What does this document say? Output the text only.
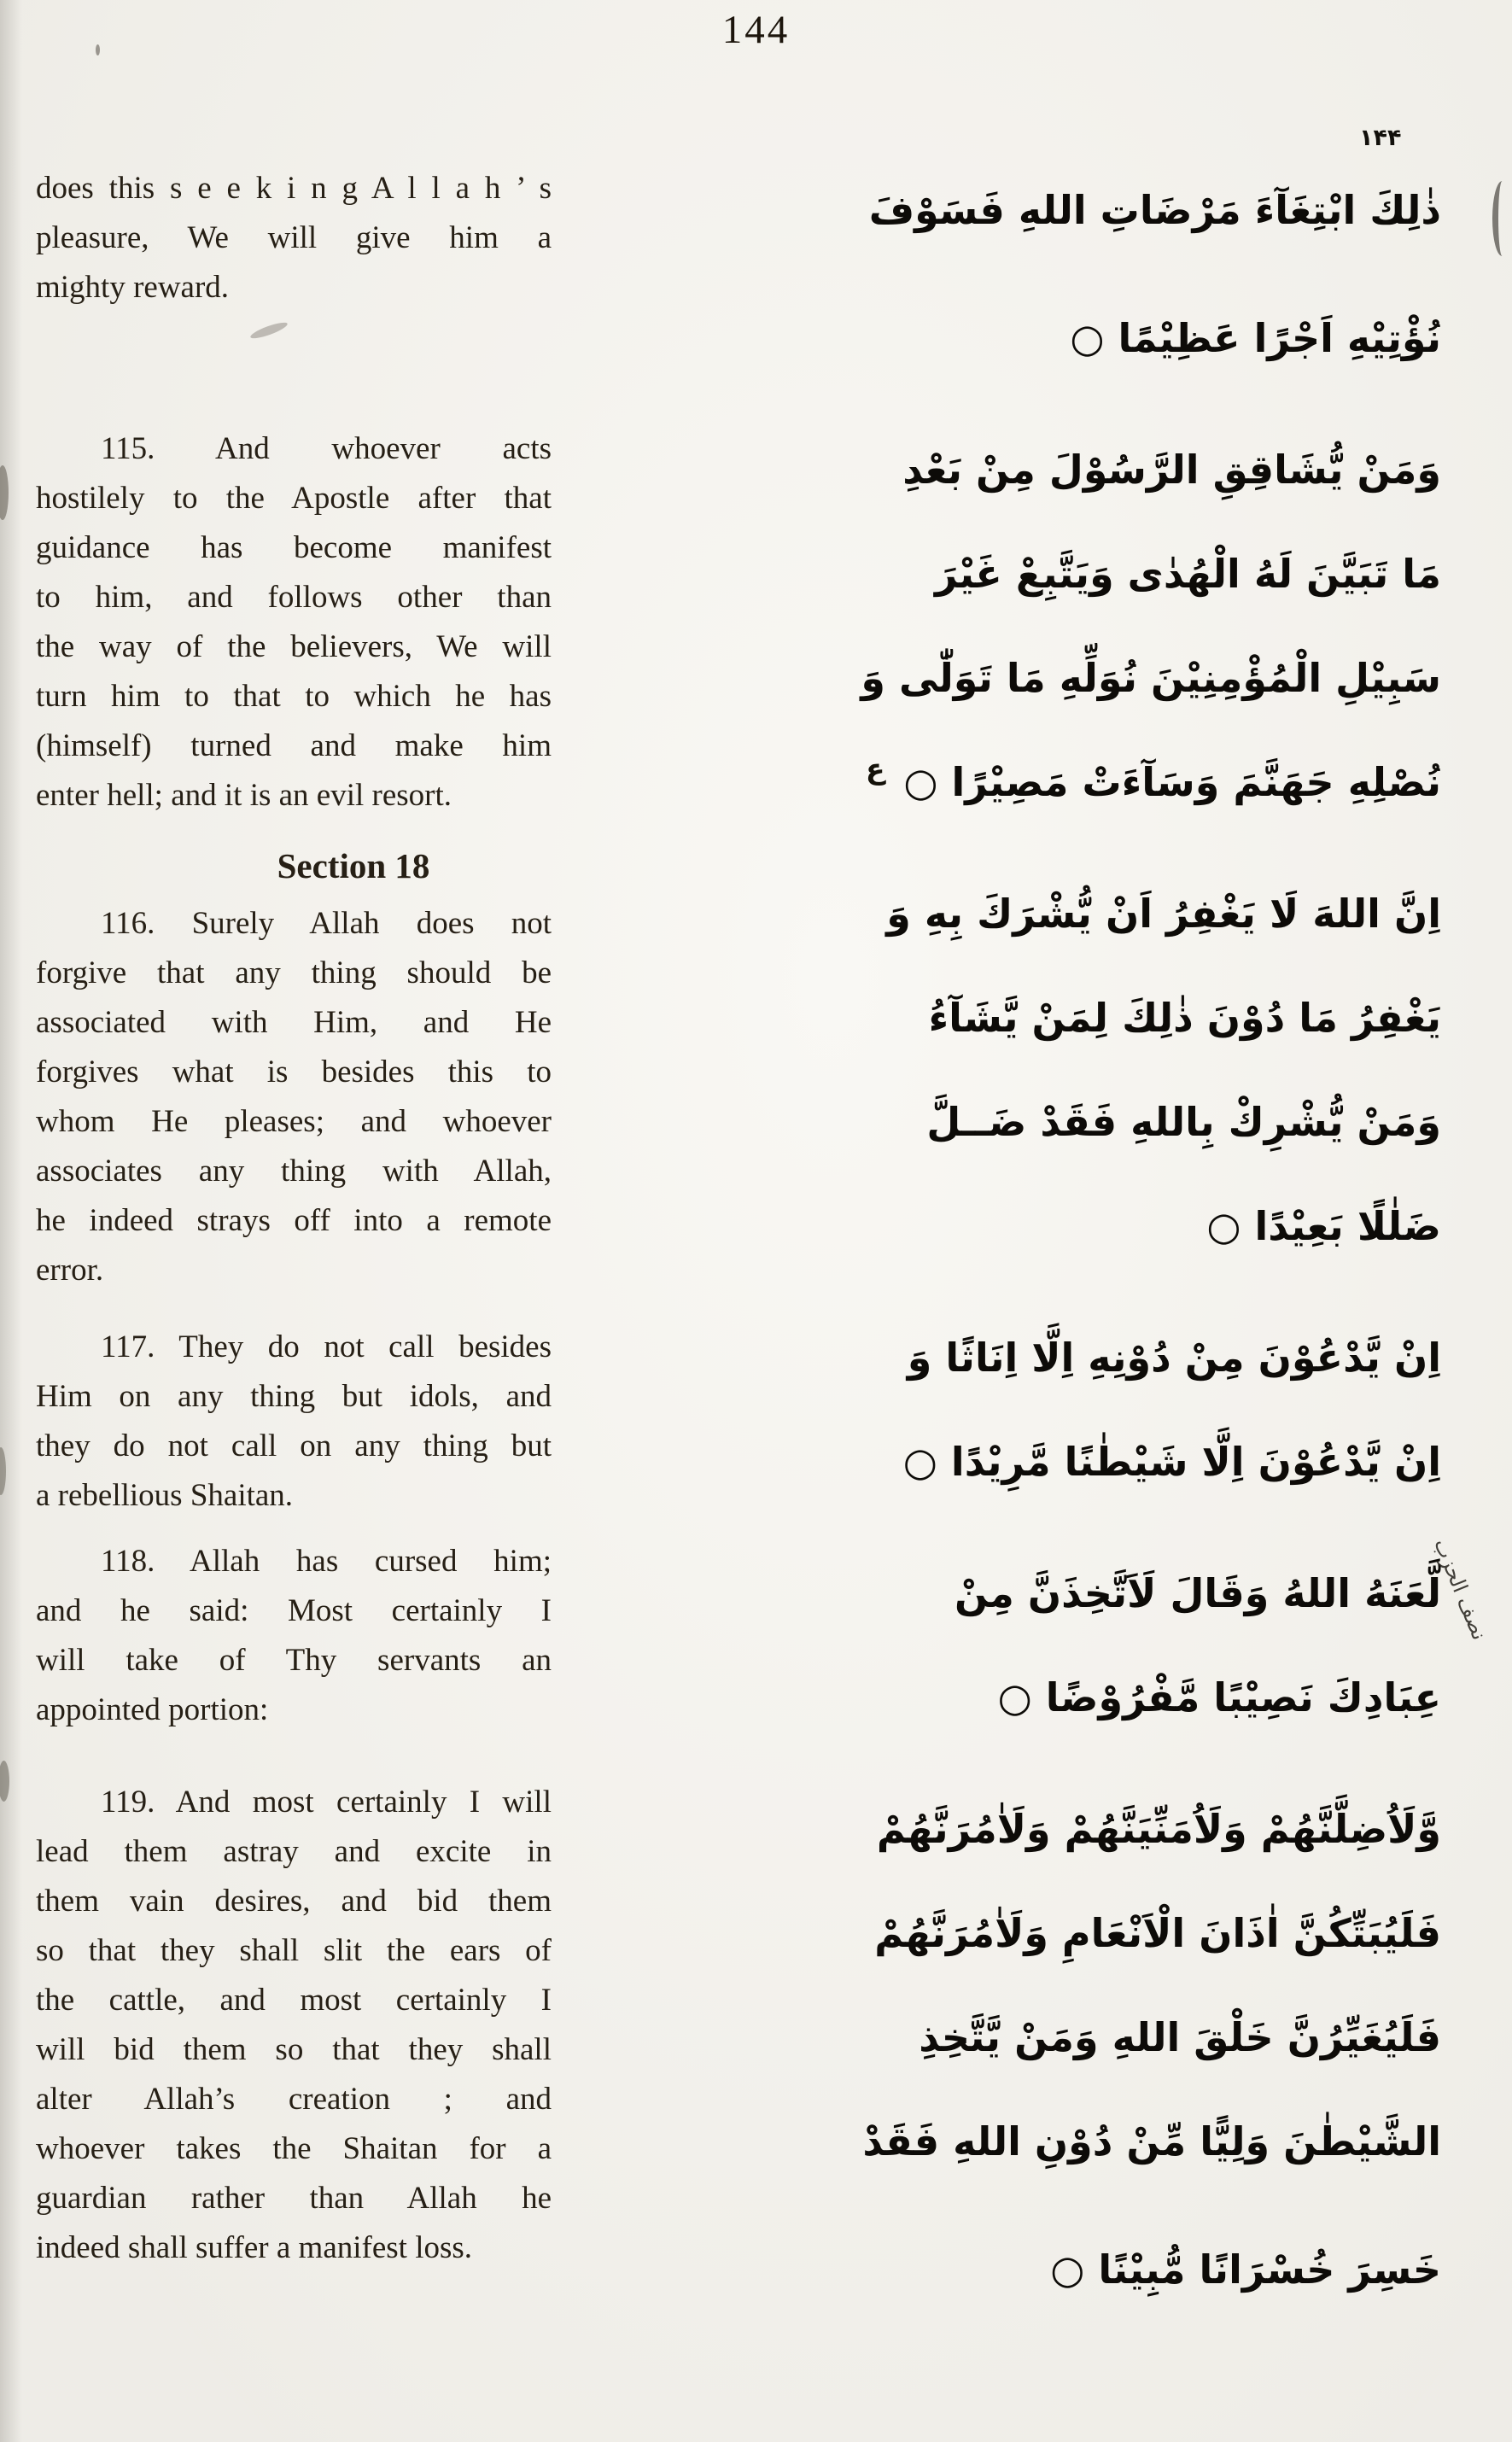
144
۱۴۴
does this s e e k i n g A l l a h ’ s
pleasure, We will give him a
mighty reward.
115. And whoever acts
hostilely to the Apostle after that
guidance has become manifest
to him, and follows other than
the way of the believers, We will
turn him to that to which he has
(himself) turned and make him
enter hell; and it is an evil resort.
Section 18
116. Surely Allah does not
forgive that any thing should be
associated with Him, and He
forgives what is besides this to
whom He pleases; and whoever
associates any thing with Allah,
he indeed strays off into a remote
error.
117. They do not call besides
Him on any thing but idols, and
they do not call on any thing but
a rebellious Shaitan.
118. Allah has cursed him;
and he said: Most certainly I
will take of Thy servants an
appointed portion:
119. And most certainly I will
lead them astray and excite in
them vain desires, and bid them
so that they shall slit the ears of
the cattle, and most certainly I
will bid them so that they shall
alter Allah’s creation ; and
whoever takes the Shaitan for a
guardian rather than Allah he
indeed shall suffer a manifest loss.
ذٰلِكَ ابْتِغَآءَ مَرْضَاتِ اللهِ فَسَوْفَ
نُؤْتِيْهِ اَجْرًا عَظِيْمًا ○
وَمَنْ يُّشَاقِقِ الرَّسُوْلَ مِنْ بَعْدِ
مَا تَبَيَّنَ لَهُ الْهُدٰى وَيَتَّبِعْ غَيْرَ
سَبِيْلِ الْمُؤْمِنِيْنَ نُوَلِّهِ مَا تَوَلّٰى وَ
نُصْلِهِ جَهَنَّمَ وَسَآءَتْ مَصِيْرًا ○
ع
اِنَّ اللهَ لَا يَغْفِرُ اَنْ يُّشْرَكَ بِهِ وَ
يَغْفِرُ مَا دُوْنَ ذٰلِكَ لِمَنْ يَّشَآءُ
وَمَنْ يُّشْرِكْ بِاللهِ فَقَدْ ضَــلَّ
ضَلٰلًا بَعِيْدًا ○
اِنْ يَّدْعُوْنَ مِنْ دُوْنِهِ اِلَّا اِنَاثًا وَ
اِنْ يَّدْعُوْنَ اِلَّا شَيْطٰنًا مَّرِيْدًا ○
لَّعَنَهُ اللهُ وَقَالَ لَاَتَّخِذَنَّ مِنْ
عِبَادِكَ نَصِيْبًا مَّفْرُوْضًا ○
وَّلَاُضِلَّنَّهُمْ وَلَاُمَنِّيَنَّهُمْ وَلَاٰمُرَنَّهُمْ
فَلَيُبَتِّكُنَّ اٰذَانَ الْاَنْعَامِ وَلَاٰمُرَنَّهُمْ
فَلَيُغَيِّرُنَّ خَلْقَ اللهِ وَمَنْ يَّتَّخِذِ
الشَّيْطٰنَ وَلِيًّا مِّنْ دُوْنِ اللهِ فَقَدْ
خَسِرَ خُسْرَانًا مُّبِيْنًا ○
نصف الحزب
